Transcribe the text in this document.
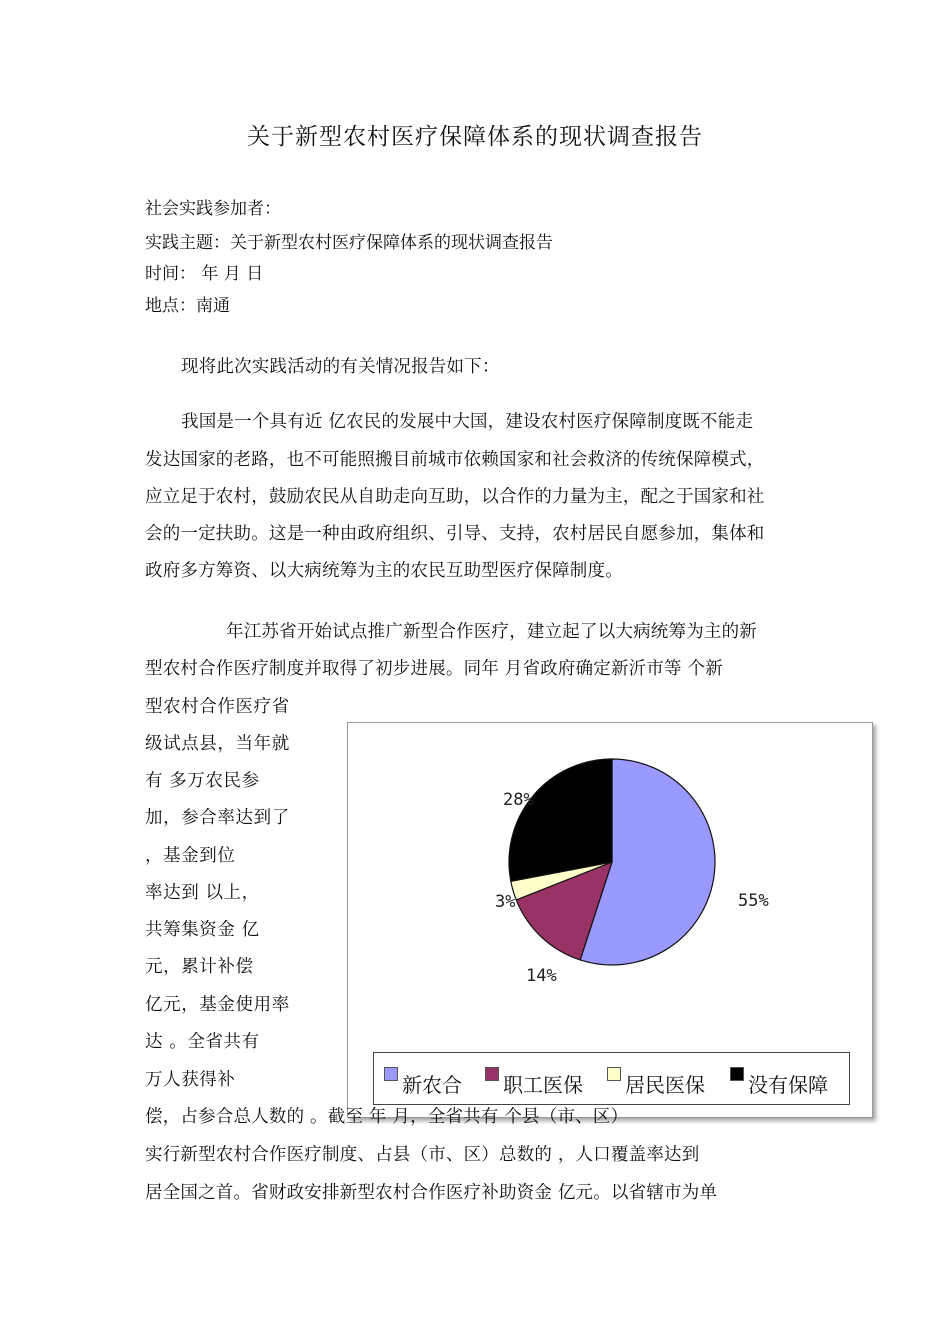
关于新型农村医疗保障体系的现状调查报告
社会实践参加者：
实践主题：关于新型农村医疗保障体系的现状调查报告
时间： 年 月 日
地点：南通
现将此次实践活动的有关情况报告如下：
我国是一个具有近 亿农民的发展中大国，建设农村医疗保障制度既不能走
发达国家的老路，也不可能照搬目前城市依赖国家和社会救济的传统保障模式，
应立足于农村，鼓励农民从自助走向互助，以合作的力量为主，配之于国家和社
会的一定扶助。这是一种由政府组织、引导、支持，农村居民自愿参加，集体和
政府多方筹资、以大病统筹为主的农民互助型医疗保障制度。
年江苏省开始试点推广新型合作医疗，建立起了以大病统筹为主的新
型农村合作医疗制度并取得了初步进展。同年 月省政府确定新沂市等 个新
型农村合作医疗省
级试点县，当年就
有 多万农民参
加，参合率达到了
，基金到位
率达到 以上，
共筹集资金 亿
元，累计补偿
亿元，基金使用率
达 。全省共有
万人获得补
55%
14%
3%
28%
新农合 职工医保 居民医保 没有保障
偿，占参合总人数的 。截至 年 月，全省共有 个县（市、区）
实行新型农村合作医疗制度、占县（市、区）总数的 ，人口覆盖率达到
居全国之首。省财政安排新型农村合作医疗补助资金 亿元。以省辖市为单
